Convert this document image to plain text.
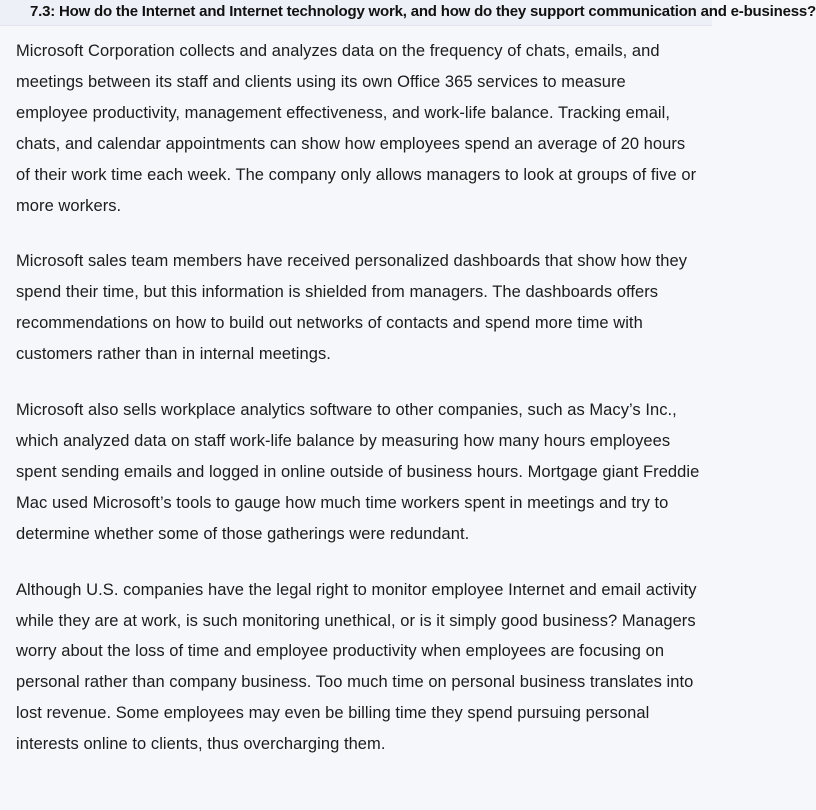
7.3: How do the Internet and Internet technology work, and how do they support communication and e-business?

Microsoft Corporation collects and analyzes data on the frequency of chats, emails, and meetings between its staff and clients using its own Office 365 services to measure employee productivity, management effectiveness, and work-life balance. Tracking email, chats, and calendar appointments can show how employees spend an average of 20 hours of their work time each week. The company only allows managers to look at groups of five or more workers.

Microsoft sales team members have received personalized dashboards that show how they spend their time, but this information is shielded from managers. The dashboards offers recommendations on how to build out networks of contacts and spend more time with customers rather than in internal meetings.

Microsoft also sells workplace analytics software to other companies, such as Macy’s Inc., which analyzed data on staff work-life balance by measuring how many hours employees spent sending emails and logged in online outside of business hours. Mortgage giant Freddie Mac used Microsoft’s tools to gauge how much time workers spent in meetings and try to determine whether some of those gatherings were redundant.

Although U.S. companies have the legal right to monitor employee Internet and email activity while they are at work, is such monitoring unethical, or is it simply good business? Managers worry about the loss of time and employee productivity when employees are focusing on personal rather than company business. Too much time on personal business translates into lost revenue. Some employees may even be billing time they spend pursuing personal interests online to clients, thus overcharging them.
